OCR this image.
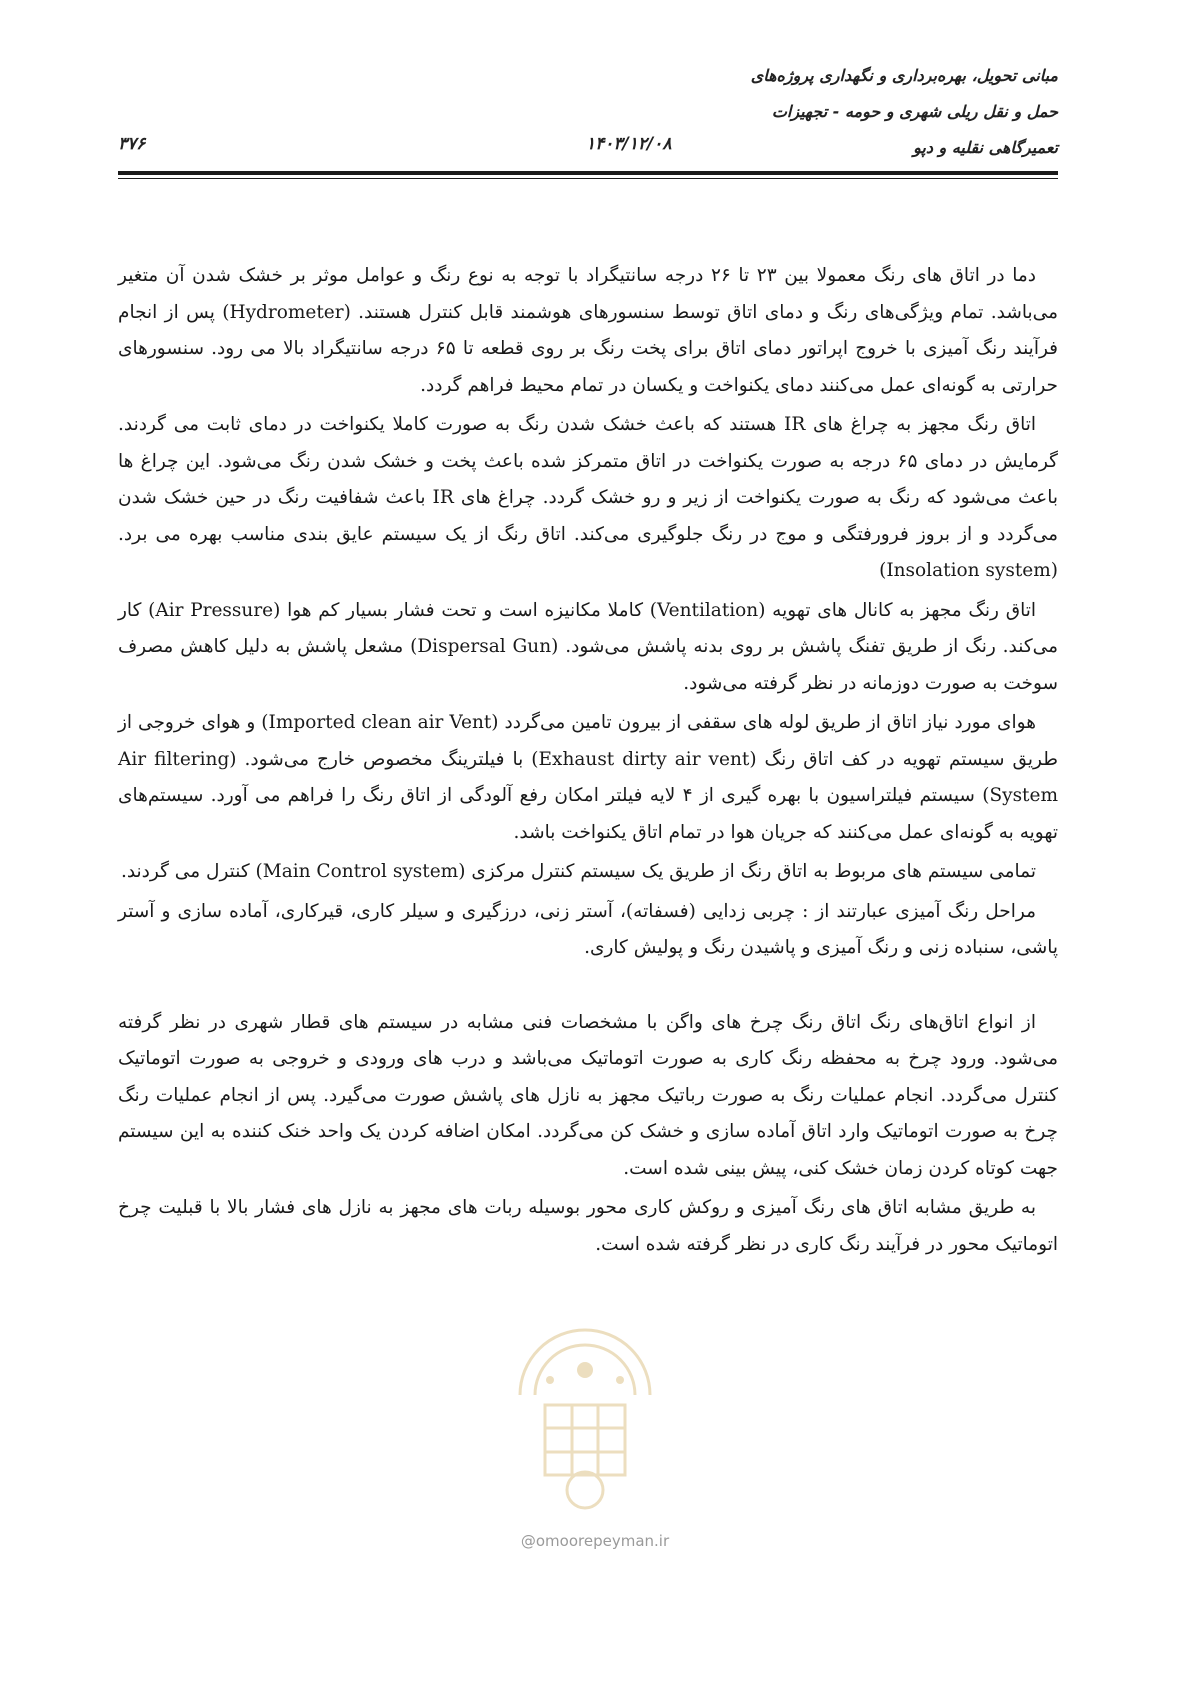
۳۷۶	۱۴۰۳/۱۲/۰۸
مبانی تحویل، بهره‌برداری و نگهداری پروژه‌های
حمل و نقل ریلی شهری و حومه - تجهیزات
تعمیرگاهی نقلیه و دپو

دما در اتاق های رنگ معمولا بین ۲۳ تا ۲۶ درجه سانتیگراد با توجه به نوع رنگ و عوامل موثر بر خشک شدن آن متغیر می‌باشد. تمام ویژگی‌های رنگ و دمای اتاق توسط سنسورهای هوشمند قابل کنترل هستند. (Hydrometer) پس از انجام فرآیند رنگ آمیزی با خروج اپراتور دمای اتاق برای پخت رنگ بر روی قطعه تا ۶۵ درجه سانتیگراد بالا می رود. سنسورهای حرارتی به گونه‌ای عمل می‌کنند دمای یکنواخت و یکسان در تمام محیط فراهم گردد.

اتاق رنگ مجهز به چراغ های IR هستند که باعث خشک شدن رنگ به صورت کاملا یکنواخت در دمای ثابت می گردند. گرمایش در دمای ۶۵ درجه به صورت یکنواخت در اتاق متمرکز شده باعث پخت و خشک شدن رنگ می‌شود. این چراغ ها باعث می‌شود که رنگ به صورت یکنواخت از زیر و رو خشک گردد. چراغ های IR باعث شفافیت رنگ در حین خشک شدن می‌گردد و از بروز فرورفتگی و موج در رنگ جلوگیری می‌کند. اتاق رنگ از یک سیستم عایق بندی مناسب بهره می برد. (Insolation system)

اتاق رنگ مجهز به کانال های تهویه (Ventilation) کاملا مکانیزه است و تحت فشار بسیار کم هوا (Air Pressure) کار می‌کند. رنگ از طریق تفنگ پاشش بر روی بدنه پاشش می‌شود. (Dispersal Gun) مشعل پاشش به دلیل کاهش مصرف سوخت به صورت دوزمانه در نظر گرفته می‌شود.

هوای مورد نیاز اتاق از طریق لوله های سقفی از بیرون تامین می‌گردد (Imported clean air Vent) و هوای خروجی از طریق سیستم تهویه در کف اتاق رنگ (Exhaust dirty air vent) با فیلترینگ مخصوص خارج می‌شود. (Air filtering System) سیستم فیلتراسیون با بهره گیری از ۴ لایه فیلتر امکان رفع آلودگی از اتاق رنگ را فراهم می آورد. سیستم‌های تهویه به گونه‌ای عمل می‌کنند که جریان هوا در تمام اتاق یکنواخت باشد.

تمامی سیستم های مربوط به اتاق رنگ از طریق یک سیستم کنترل مرکزی (Main Control system) کنترل می گردند.

مراحل رنگ آمیزی عبارتند از : چربی زدایی (فسفاته)، آستر زنی، درزگیری و سیلر کاری، قیرکاری، آماده سازی و آستر پاشی، سنباده زنی و رنگ آمیزی و پاشیدن رنگ و پولیش کاری.

از انواع اتاق‌های رنگ اتاق رنگ چرخ های واگن با مشخصات فنی مشابه در سیستم های قطار شهری در نظر گرفته می‌شود. ورود چرخ به محفظه رنگ کاری به صورت اتوماتیک می‌باشد و درب های ورودی و خروجی به صورت اتوماتیک کنترل می‌گردد. انجام عملیات رنگ به صورت رباتیک مجهز به نازل های پاشش صورت می‌گیرد. پس از انجام عملیات رنگ چرخ به صورت اتوماتیک وارد اتاق آماده سازی و خشک کن می‌گردد. امکان اضافه کردن یک واحد خنک کننده به این سیستم جهت کوتاه کردن زمان خشک کنی، پیش بینی شده است.

به طریق مشابه اتاق های رنگ آمیزی و روکش کاری محور بوسیله ربات های مجهز به نازل های فشار بالا با قبلیت چرخ اتوماتیک محور در فرآیند رنگ کاری در نظر گرفته شده است.

@omoorepeyman.ir
